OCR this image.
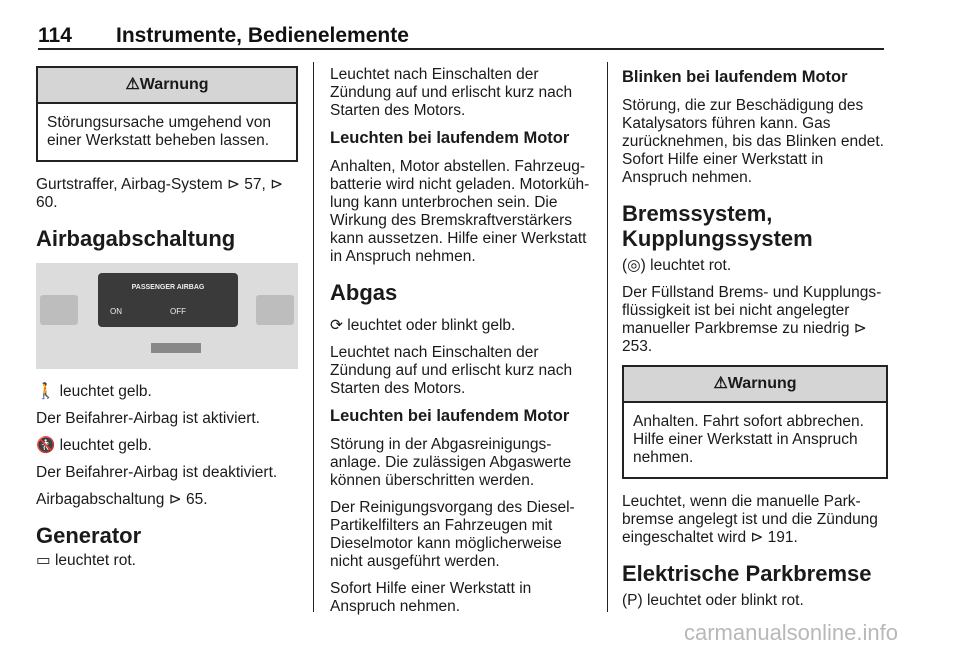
114 Instrumente, Bedienelemente
⚠Warnung
Störungsursache umgehend von einer Werkstatt beheben lassen.

Gurtstraffer, Airbag-System ⊳ 57, ⊳ 60.

Airbagabschaltung
PASSENGER AIRBAG
ON	OFF

🚶 leuchtet gelb.

Der Beifahrer-Airbag ist aktiviert.

🚷 leuchtet gelb.

Der Beifahrer-Airbag ist deaktiviert.

Airbagabschaltung ⊳ 65.

Generator

▭ leuchtet rot.

Leuchtet nach Einschalten der Zündung auf und erlischt kurz nach Starten des Motors.

Leuchten bei laufendem Motor

Anhalten, Motor abstellen. Fahrzeugbatterie wird nicht geladen. Motorkühlung kann unterbrochen sein. Die Wirkung des Bremskraftverstärkers kann aussetzen. Hilfe einer Werkstatt in Anspruch nehmen.

Abgas

⟳ leuchtet oder blinkt gelb.

Leuchtet nach Einschalten der Zündung auf und erlischt kurz nach Starten des Motors.

Leuchten bei laufendem Motor

Störung in der Abgasreinigungsanlage. Die zulässigen Abgaswerte können überschritten werden.

Der Reinigungsvorgang des Diesel-Partikelfilters an Fahrzeugen mit Dieselmotor kann möglicherweise nicht ausgeführt werden.

Sofort Hilfe einer Werkstatt in Anspruch nehmen.

Blinken bei laufendem Motor

Störung, die zur Beschädigung des Katalysators führen kann. Gas zurücknehmen, bis das Blinken endet. Sofort Hilfe einer Werkstatt in Anspruch nehmen.

Bremssystem, Kupplungssystem

(◎) leuchtet rot.

Der Füllstand Brems- und Kupplungsflüssigkeit ist bei nicht angelegter manueller Parkbremse zu niedrig ⊳ 253.

⚠Warnung
Anhalten. Fahrt sofort abbrechen. Hilfe einer Werkstatt in Anspruch nehmen.

Leuchtet, wenn die manuelle Parkbremse angelegt ist und die Zündung eingeschaltet wird ⊳ 191.

Elektrische Parkbremse

(P) leuchtet oder blinkt rot.

carmanualsonline.info
